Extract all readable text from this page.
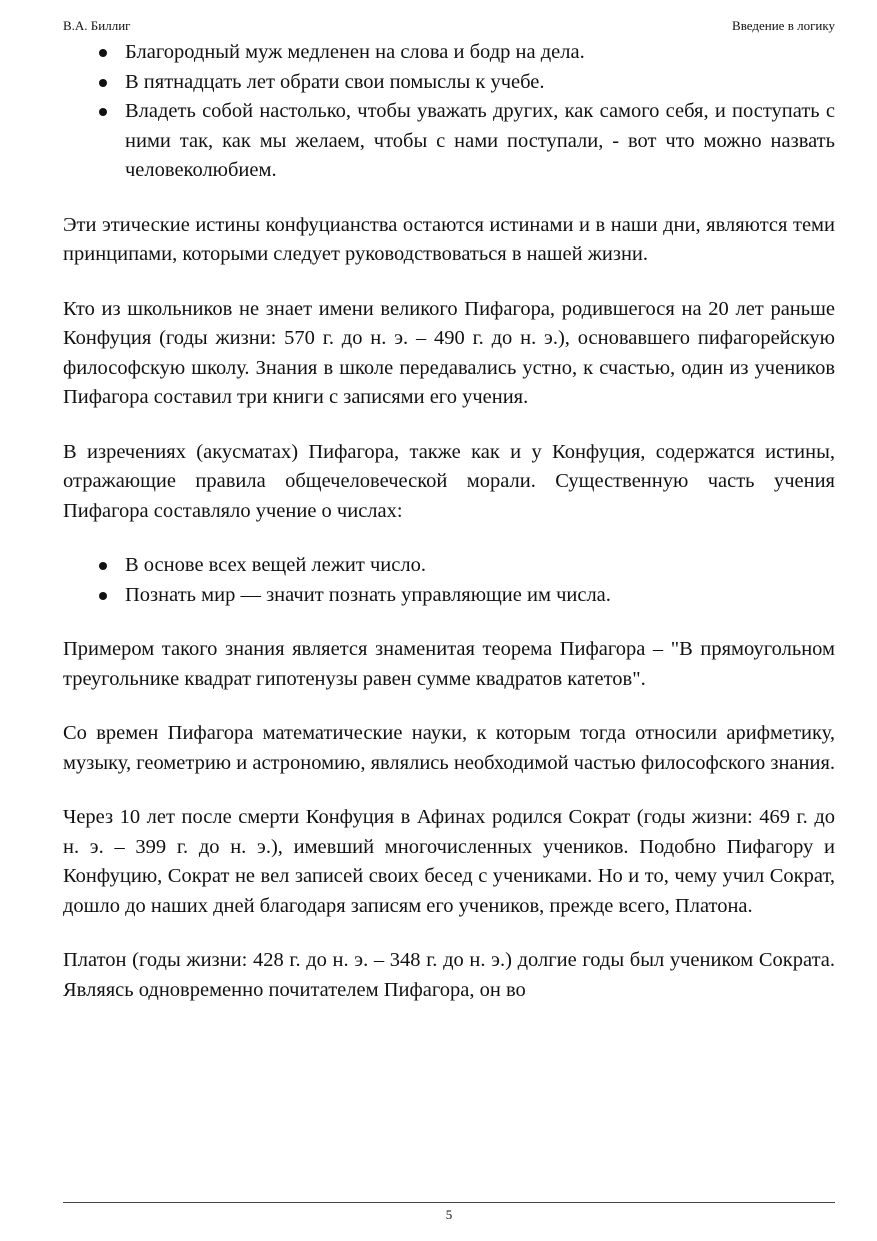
В.А. Биллиг	Введение в логику
Благородный муж медленен на слова и бодр на дела.
В пятнадцать лет обрати свои помыслы к учебе.
Владеть собой настолько, чтобы уважать других, как самого себя, и поступать с ними так, как мы желаем, чтобы с нами поступали, - вот что можно назвать человеколюбием.

Эти этические истины конфуцианства остаются истинами и в наши дни, являются теми принципами, которыми следует руководствоваться в нашей жизни.

Кто из школьников не знает имени великого Пифагора, родившегося на 20 лет раньше Конфуция (годы жизни: 570 г. до н. э. – 490 г. до н. э.), основавшего пифагорейскую философскую школу. Знания в школе передавались устно, к счастью, один из учеников Пифагора составил три книги с записями его учения.

В изречениях (акусматах) Пифагора, также как и у Конфуция, содержатся истины, отражающие правила общечеловеческой морали. Существенную часть учения Пифагора составляло учение о числах:

В основе всех вещей лежит число.
Познать мир — значит познать управляющие им числа.

Примером такого знания является знаменитая теорема Пифагора – "В прямоугольном треугольнике квадрат гипотенузы равен сумме квадратов катетов".

Со времен Пифагора математические науки, к которым тогда относили арифметику, музыку, геометрию и астрономию, являлись необходимой частью философского знания.

Через 10 лет после смерти Конфуция в Афинах родился Сократ (годы жизни: 469 г. до н. э. – 399 г. до н. э.), имевший многочисленных учеников. Подобно Пифагору и Конфуцию, Сократ не вел записей своих бесед с учениками. Но и то, чему учил Сократ, дошло до наших дней благодаря записям его учеников, прежде всего, Платона.

Платон (годы жизни: 428 г. до н. э. – 348 г. до н. э.) долгие годы был учеником Сократа. Являясь одновременно почитателем Пифагора, он во

5
